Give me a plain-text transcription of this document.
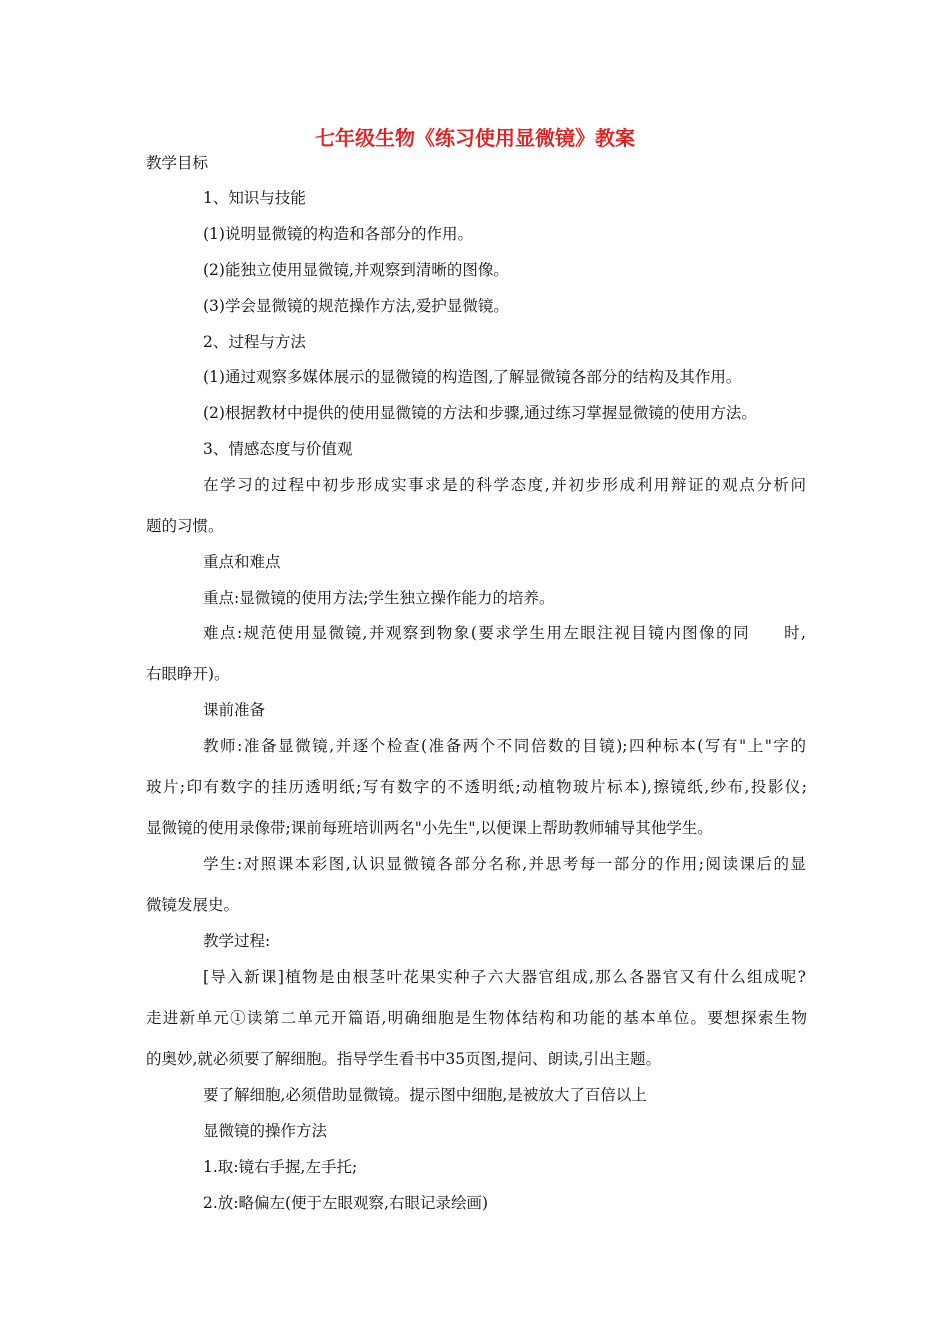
七年级生物《练习使用显微镜》教案
教学目标
1、知识与技能
(1)说明显微镜的构造和各部分的作用。
(2)能独立使用显微镜,并观察到清晰的图像。
(3)学会显微镜的规范操作方法,爱护显微镜。
2、过程与方法
(1)通过观察多媒体展示的显微镜的构造图,了解显微镜各部分的结构及其作用。
(2)根据教材中提供的使用显微镜的方法和步骤,通过练习掌握显微镜的使用方法。
3、情感态度与价值观
在学习的过程中初步形成实事求是的科学态度,并初步形成利用辩证的观点分析问
题的习惯。
重点和难点
重点:显微镜的使用方法;学生独立操作能力的培养。
难点:规范使用显微镜,并观察到物象(要求学生用左眼注视目镜内图像的同　　时,
右眼睁开)。
课前准备
教师:准备显微镜,并逐个检查(准备两个不同倍数的目镜);四种标本(写有"上"字的
玻片;印有数字的挂历透明纸;写有数字的不透明纸;动植物玻片标本),擦镜纸,纱布,投影仪;
显微镜的使用录像带;课前每班培训两名"小先生",以便课上帮助教师辅导其他学生。
学生:对照课本彩图,认识显微镜各部分名称,并思考每一部分的作用;阅读课后的显
微镜发展史。
教学过程:
[导入新课]植物是由根茎叶花果实种子六大器官组成,那么各器官又有什么组成呢?
走进新单元①读第二单元开篇语,明确细胞是生物体结构和功能的基本单位。要想探索生物
的奥妙,就必须要了解细胞。指导学生看书中35页图,提问、朗读,引出主题。
要了解细胞,必须借助显微镜。提示图中细胞,是被放大了百倍以上
显微镜的操作方法
1.取:镜右手握,左手托;
2.放:略偏左(便于左眼观察,右眼记录绘画)
